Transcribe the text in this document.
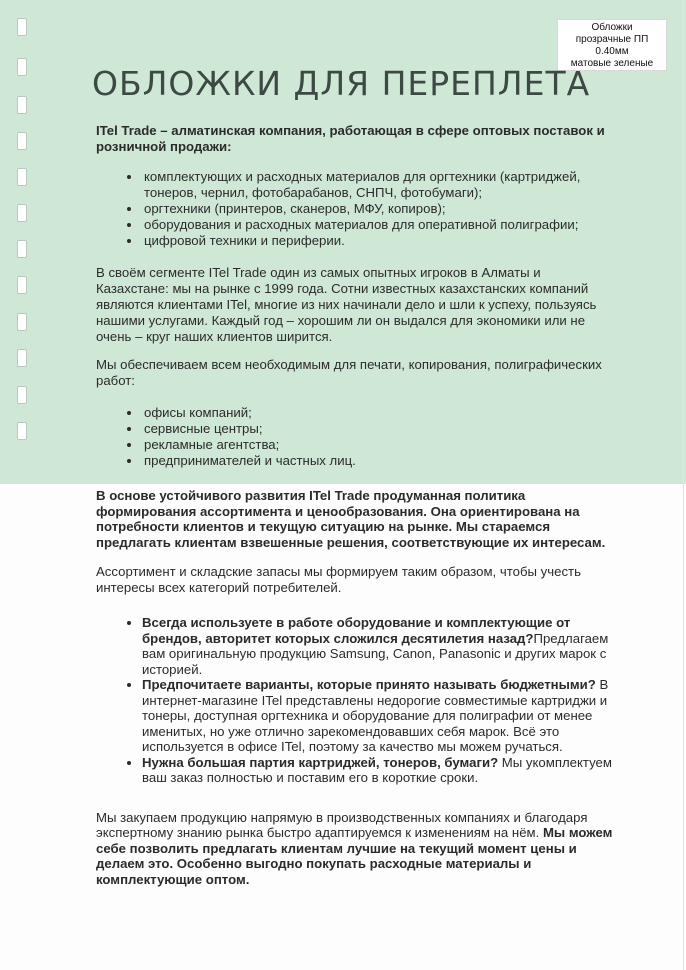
Обложки
прозрачные ПП
0.40мм
матовые зеленые
ОБЛОЖКИ ДЛЯ ПЕРЕПЛЕТА

ITel Trade – алматинская компания, работающая в сфере оптовых поставок и розничной продажи:

• комплектующих и расходных материалов для оргтехники (картриджей, тонеров, чернил, фотобарабанов, СНПЧ, фотобумаги);
• оргтехники (принтеров, сканеров, МФУ, копиров);
• оборудования и расходных материалов для оперативной полиграфии;
• цифровой техники и периферии.

В своём сегменте ITel Trade один из самых опытных игроков в Алматы и Казахстане: мы на рынке с 1999 года. Сотни известных казахстанских компаний являются клиентами ITel, многие из них начинали дело и шли к успеху, пользуясь нашими услугами. Каждый год – хорошим ли он выдался для экономики или не очень – круг наших клиентов ширится.

Мы обеспечиваем всем необходимым для печати, копирования, полиграфических работ:

• офисы компаний;
• сервисные центры;
• рекламные агентства;
• предпринимателей и частных лиц.

В основе устойчивого развития ITel Trade продуманная политика формирования ассортимента и ценообразования. Она ориентирована на потребности клиентов и текущую ситуацию на рынке. Мы стараемся предлагать клиентам взвешенные решения, соответствующие их интересам.

Ассортимент и складские запасы мы формируем таким образом, чтобы учесть интересы всех категорий потребителей.

• Всегда используете в работе оборудование и комплектующие от брендов, авторитет которых сложился десятилетия назад?Предлагаем вам оригинальную продукцию Samsung, Canon, Panasonic и других марок с историей.
• Предпочитаете варианты, которые принято называть бюджетными? В интернет-магазине ITel представлены недорогие совместимые картриджи и тонеры, доступная оргтехника и оборудование для полиграфии от менее именитых, но уже отлично зарекомендовавших себя марок. Всё это используется в офисе ITel, поэтому за качество мы можем ручаться.
• Нужна большая партия картриджей, тонеров, бумаги? Мы укомплектуем ваш заказ полностью и поставим его в короткие сроки.

Мы закупаем продукцию напрямую в производственных компаниях и благодаря экспертному знанию рынка быстро адаптируемся к изменениям на нём. Мы можем себе позволить предлагать клиентам лучшие на текущий момент цены и делаем это. Особенно выгодно покупать расходные материалы и комплектующие оптом.
